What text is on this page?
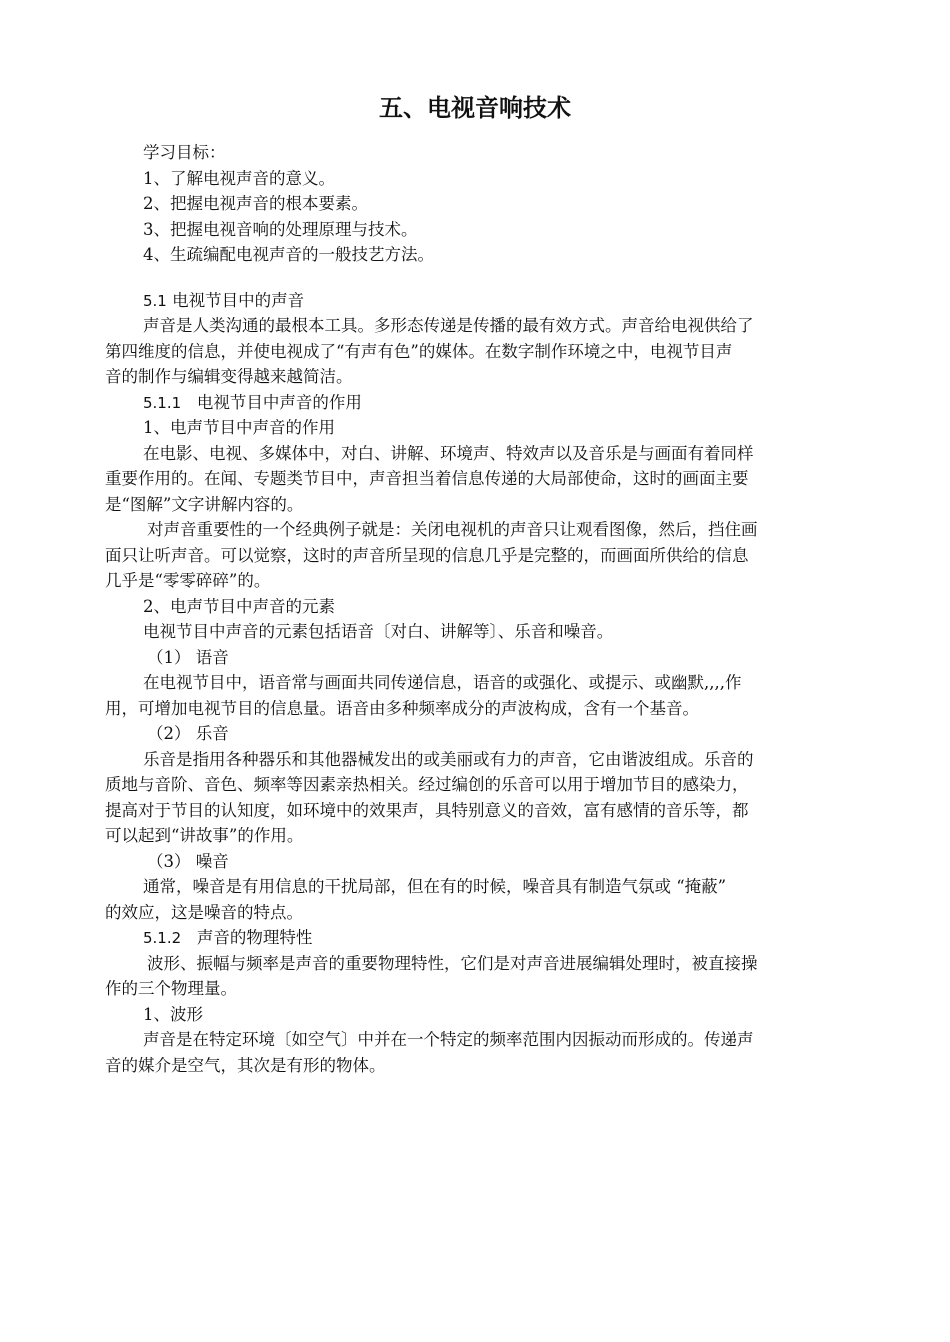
五、电视音响技术
学习目标：
1、了解电视声音的意义。
2、把握电视声音的根本要素。
3、把握电视音响的处理原理与技术。
4、生疏编配电视声音的一般技艺方法。
5.1 电视节目中的声音
声音是人类沟通的最根本工具。多形态传递是传播的最有效方式。声音给电视供给了
第四维度的信息，并使电视成了“有声有色”的媒体。在数字制作环境之中，电视节目声
音的制作与编辑变得越来越简洁。
5.1.1 电视节目中声音的作用
1、电声节目中声音的作用
在电影、电视、多媒体中，对白、讲解、环境声、特效声以及音乐是与画面有着同样
重要作用的。在闻、专题类节目中，声音担当着信息传递的大局部使命，这时的画面主要
是“图解”文字讲解内容的。
对声音重要性的一个经典例子就是：关闭电视机的声音只让观看图像，然后，挡住画
面只让听声音。可以觉察，这时的声音所呈现的信息几乎是完整的，而画面所供给的信息
几乎是“零零碎碎”的。
2、电声节目中声音的元素
电视节目中声音的元素包括语音〔对白、讲解等〕、乐音和噪音。
（1） 语音
在电视节目中，语音常与画面共同传递信息，语音的或强化、或提示、或幽默,,,,作
用，可增加电视节目的信息量。语音由多种频率成分的声波构成，含有一个基音。
（2） 乐音
乐音是指用各种器乐和其他器械发出的或美丽或有力的声音，它由谐波组成。乐音的
质地与音阶、音色、频率等因素亲热相关。经过编创的乐音可以用于增加节目的感染力，
提高对于节目的认知度，如环境中的效果声，具特别意义的音效，富有感情的音乐等，都
可以起到“讲故事”的作用。
（3） 噪音
通常，噪音是有用信息的干扰局部，但在有的时候，噪音具有制造气氛或 “掩蔽”
的效应，这是噪音的特点。
5.1.2 声音的物理特性
波形、振幅与频率是声音的重要物理特性，它们是对声音进展编辑处理时，被直接操
作的三个物理量。
1、波形
声音是在特定环境〔如空气〕中并在一个特定的频率范围内因振动而形成的。传递声
音的媒介是空气，其次是有形的物体。
